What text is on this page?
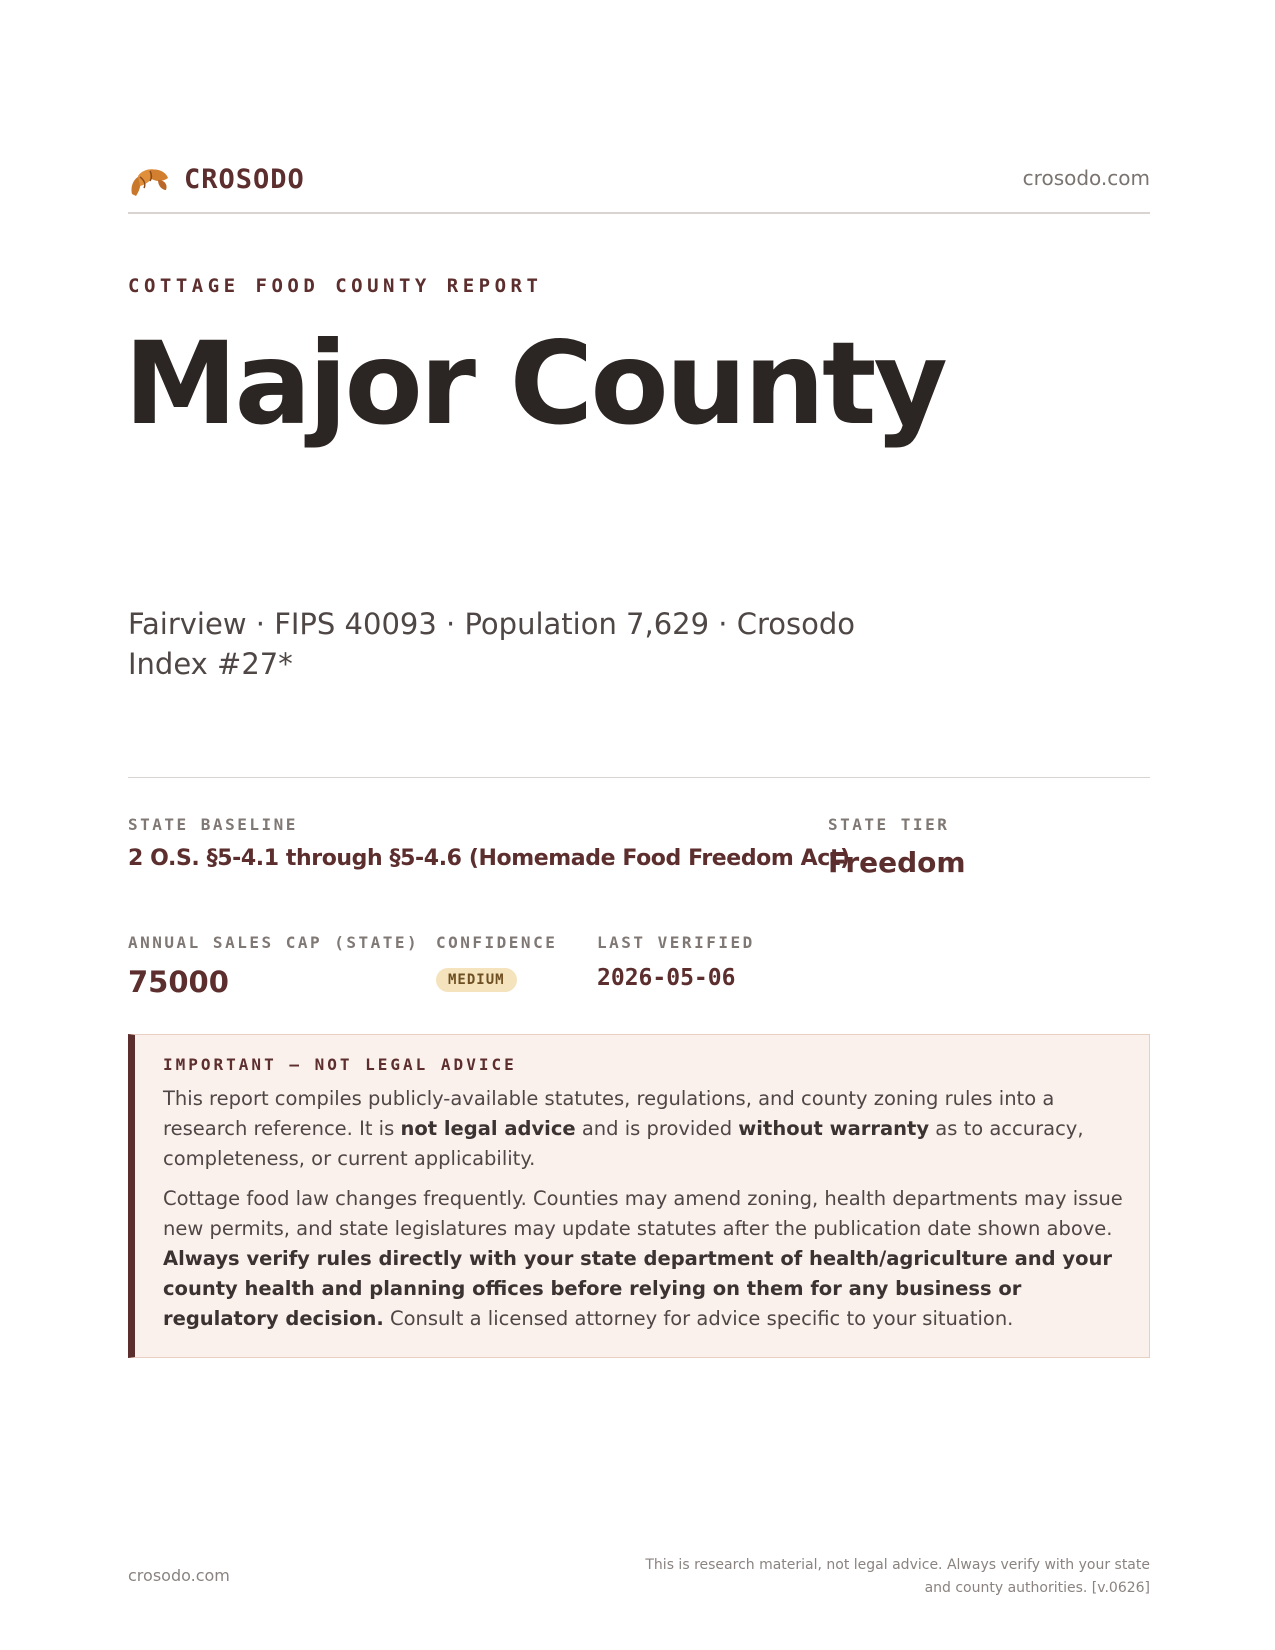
CROSODO	crosodo.com
COTTAGE FOOD COUNTY REPORT
Major County
Fairview · FIPS 40093 · Population 7,629 · Crosodo Index #27*
STATE BASELINE
2 O.S. §5-4.1 through §5-4.6 (Homemade Food Freedom Act)
STATE TIER
Freedom
ANNUAL SALES CAP (STATE)
75000
CONFIDENCE
MEDIUM
LAST VERIFIED
2026-05-06
IMPORTANT — NOT LEGAL ADVICE

This report compiles publicly-available statutes, regulations, and county zoning rules into a research reference. It is not legal advice and is provided without warranty as to accuracy, completeness, or current applicability.

Cottage food law changes frequently. Counties may amend zoning, health departments may issue new permits, and state legislatures may update statutes after the publication date shown above. Always verify rules directly with your state department of health/agriculture and your county health and planning offices before relying on them for any business or regulatory decision. Consult a licensed attorney for advice specific to your situation.

crosodo.com
This is research material, not legal advice. Always verify with your state and county authorities. [v.0626]
